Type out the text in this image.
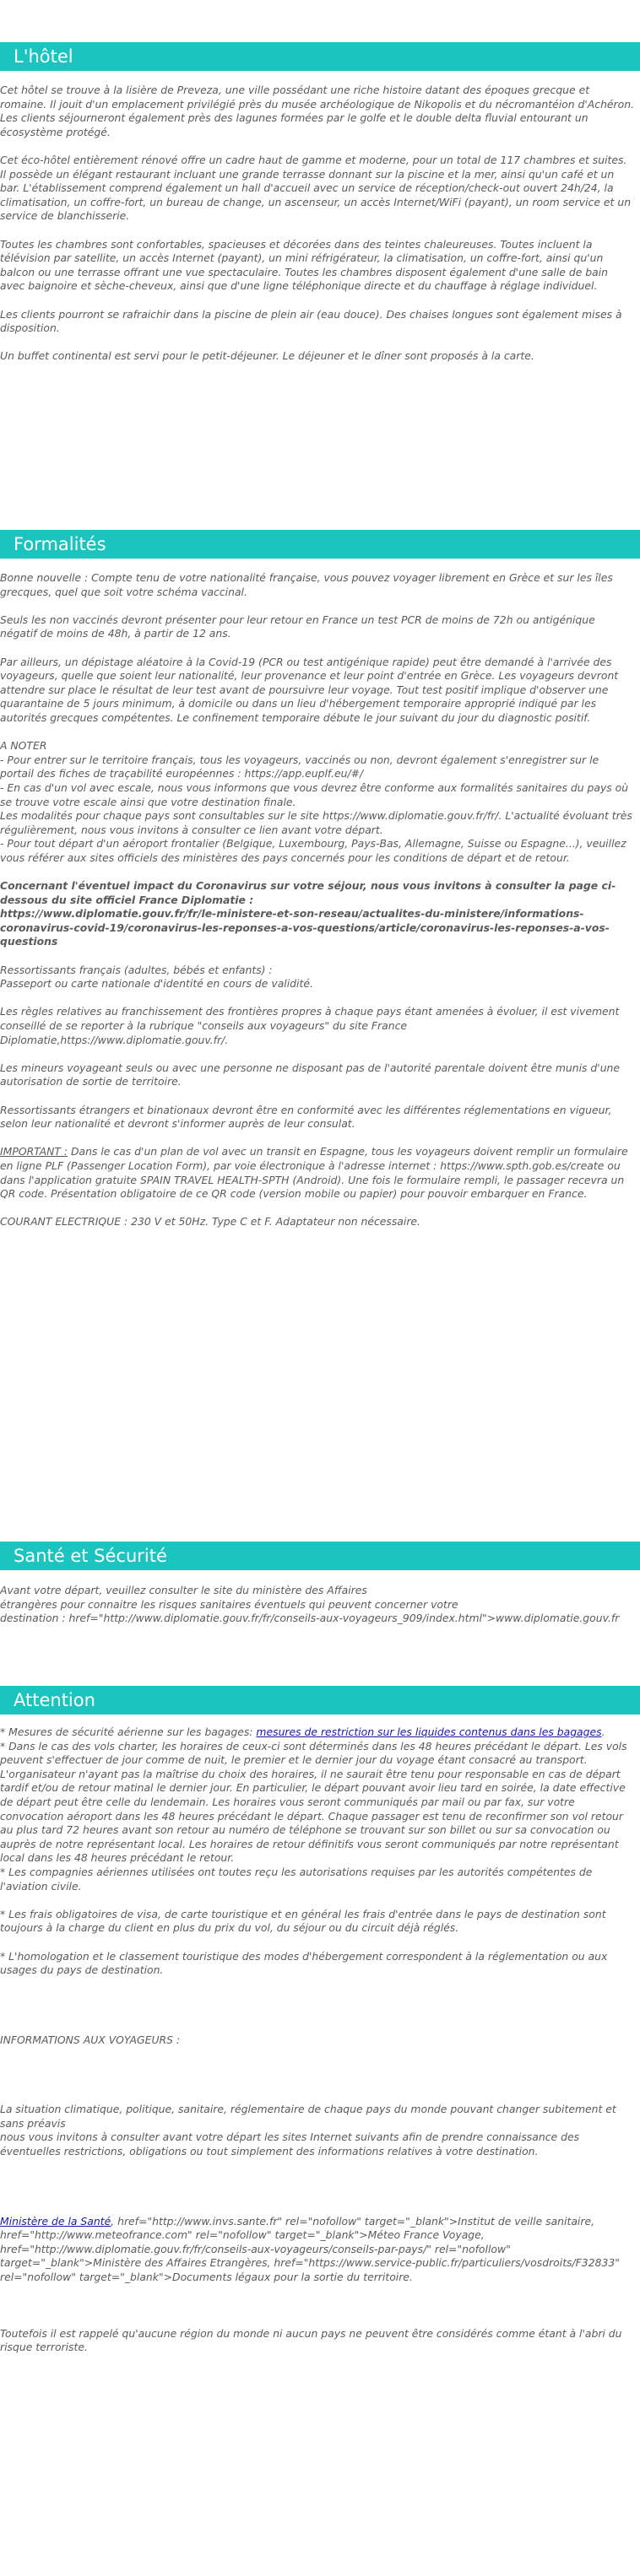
L'hôtel

Cet hôtel se trouve à la lisière de Preveza, une ville possédant une riche histoire datant des époques grecque et romaine. Il jouit d'un emplacement privilégié près du musée archéologique de Nikopolis et du nécromantéion d'Achéron. Les clients séjourneront également près des lagunes formées par le golfe et le double delta fluvial entourant un écosystème protégé.

Cet éco-hôtel entièrement rénové offre un cadre haut de gamme et moderne, pour un total de 117 chambres et suites. Il possède un élégant restaurant incluant une grande terrasse donnant sur la piscine et la mer, ainsi qu'un café et un bar. L'établissement comprend également un hall d'accueil avec un service de réception/check-out ouvert 24h/24, la climatisation, un coffre-fort, un bureau de change, un ascenseur, un accès Internet/WiFi (payant), un room service et un service de blanchisserie.

Toutes les chambres sont confortables, spacieuses et décorées dans des teintes chaleureuses. Toutes incluent la télévision par satellite, un accès Internet (payant), un mini réfrigérateur, la climatisation, un coffre-fort, ainsi qu'un balcon ou une terrasse offrant une vue spectaculaire. Toutes les chambres disposent également d'une salle de bain avec baignoire et sèche-cheveux, ainsi que d'une ligne téléphonique directe et du chauffage à réglage individuel.

Les clients pourront se rafraichir dans la piscine de plein air (eau douce). Des chaises longues sont également mises à disposition.

Un buffet continental est servi pour le petit-déjeuner. Le déjeuner et le dîner sont proposés à la carte.

Formalités

Bonne nouvelle : Compte tenu de votre nationalité française, vous pouvez voyager librement en Grèce et sur les îles grecques, quel que soit votre schéma vaccinal.

Seuls les non vaccinés devront présenter pour leur retour en France un test PCR de moins de 72h ou antigénique négatif de moins de 48h, à partir de 12 ans.

Par ailleurs, un dépistage aléatoire à la Covid-19 (PCR ou test antigénique rapide) peut être demandé à l'arrivée des voyageurs, quelle que soient leur nationalité, leur provenance et leur point d'entrée en Grèce. Les voyageurs devront attendre sur place le résultat de leur test avant de poursuivre leur voyage. Tout test positif implique d'observer une quarantaine de 5 jours minimum, à domicile ou dans un lieu d'hébergement temporaire approprié indiqué par les autorités grecques compétentes. Le confinement temporaire débute le jour suivant du jour du diagnostic positif.

A NOTER
- Pour entrer sur le territoire français, tous les voyageurs, vaccinés ou non, devront également s'enregistrer sur le portail des fiches de traçabilité européennes : https://app.euplf.eu/#/
- En cas d'un vol avec escale, nous vous informons que vous devrez être conforme aux formalités sanitaires du pays où se trouve votre escale ainsi que votre destination finale.
Les modalités pour chaque pays sont consultables sur le site https://www.diplomatie.gouv.fr/fr/. L'actualité évoluant très régulièrement, nous vous invitons à consulter ce lien avant votre départ.
- Pour tout départ d'un aéroport frontalier (Belgique, Luxembourg, Pays-Bas, Allemagne, Suisse ou Espagne...), veuillez vous référer aux sites officiels des ministères des pays concernés pour les conditions de départ et de retour.

Concernant l'éventuel impact du Coronavirus sur votre séjour, nous vous invitons à consulter la page ci-dessous du site officiel France Diplomatie :
https://www.diplomatie.gouv.fr/fr/le-ministere-et-son-reseau/actualites-du-ministere/informations-coronavirus-covid-19/coronavirus-les-reponses-a-vos-questions/article/coronavirus-les-reponses-a-vos-questions

Ressortissants français (adultes, bébés et enfants) :
Passeport ou carte nationale d'identité en cours de validité.

Les règles relatives au franchissement des frontières propres à chaque pays étant amenées à évoluer, il est vivement conseillé de se reporter à la rubrique "conseils aux voyageurs" du site France Diplomatie,https://www.diplomatie.gouv.fr/.

Les mineurs voyageant seuls ou avec une personne ne disposant pas de l'autorité parentale doivent être munis d'une autorisation de sortie de territoire.

Ressortissants étrangers et binationaux devront être en conformité avec les différentes réglementations en vigueur, selon leur nationalité et devront s'informer auprès de leur consulat.

IMPORTANT : Dans le cas d'un plan de vol avec un transit en Espagne, tous les voyageurs doivent remplir un formulaire en ligne PLF (Passenger Location Form), par voie électronique à l'adresse internet : https://www.spth.gob.es/create ou dans l'application gratuite SPAIN TRAVEL HEALTH-SPTH (Android). Une fois le formulaire rempli, le passager recevra un QR code. Présentation obligatoire de ce QR code (version mobile ou papier) pour pouvoir embarquer en France.

COURANT ELECTRIQUE : 230 V et 50Hz. Type C et F. Adaptateur non nécessaire.

Santé et Sécurité
Avant votre départ, veuillez consulter le site du ministère des Affaires
étrangères pour connaitre les risques sanitaires éventuels qui peuvent concerner votre
destination : href="http://www.diplomatie.gouv.fr/fr/conseils-aux-voyageurs_909/index.html">www.diplomatie.gouv.fr
Attention

* Mesures de sécurité aérienne sur les bagages: mesures de restriction sur les liquides contenus dans les bagages.

* Dans le cas des vols charter, les horaires de ceux-ci sont déterminés dans les 48 heures précédant le départ. Les vols peuvent s'effectuer de jour comme de nuit, le premier et le dernier jour du voyage étant consacré au transport. L'organisateur n'ayant pas la maîtrise du choix des horaires, il ne saurait être tenu pour responsable en cas de départ tardif et/ou de retour matinal le dernier jour. En particulier, le départ pouvant avoir lieu tard en soirée, la date effective de départ peut être celle du lendemain. Les horaires vous seront communiqués par mail ou par fax, sur votre convocation aéroport dans les 48 heures précédant le départ. Chaque passager est tenu de reconfirmer son vol retour au plus tard 72 heures avant son retour au numéro de téléphone se trouvant sur son billet ou sur sa convocation ou auprès de notre représentant local. Les horaires de retour définitifs vous seront communiqués par notre représentant local dans les 48 heures précédant le retour.
* Les compagnies aériennes utilisées ont toutes reçu les autorisations requises par les autorités compétentes de l'aviation civile.

* Les frais obligatoires de visa, de carte touristique et en général les frais d'entrée dans le pays de destination sont toujours à la charge du client en plus du prix du vol, du séjour ou du circuit déjà réglés.

* L'homologation et le classement touristique des modes d'hébergement correspondent à la réglementation ou aux usages du pays de destination.

INFORMATIONS AUX VOYAGEURS :

La situation climatique, politique, sanitaire, réglementaire de chaque pays du monde pouvant changer subitement et sans préavis
nous vous invitons à consulter avant votre départ les sites Internet suivants afin de prendre connaissance des éventuelles restrictions, obligations ou tout simplement des informations relatives à votre destination.

Ministère de la Santé, href="http://www.invs.sante.fr" rel="nofollow" target="_blank">Institut de veille sanitaire, href="http://www.meteofrance.com" rel="nofollow" target="_blank">Méteo France Voyage, href="http://www.diplomatie.gouv.fr/fr/conseils-aux-voyageurs/conseils-par-pays/" rel="nofollow" target="_blank">Ministère des Affaires Etrangères, href="https://www.service-public.fr/particuliers/vosdroits/F32833" rel="nofollow" target="_blank">Documents légaux pour la sortie du territoire.

Toutefois il est rappelé qu'aucune région du monde ni aucun pays ne peuvent être considérés comme étant à l'abri du risque terroriste.
